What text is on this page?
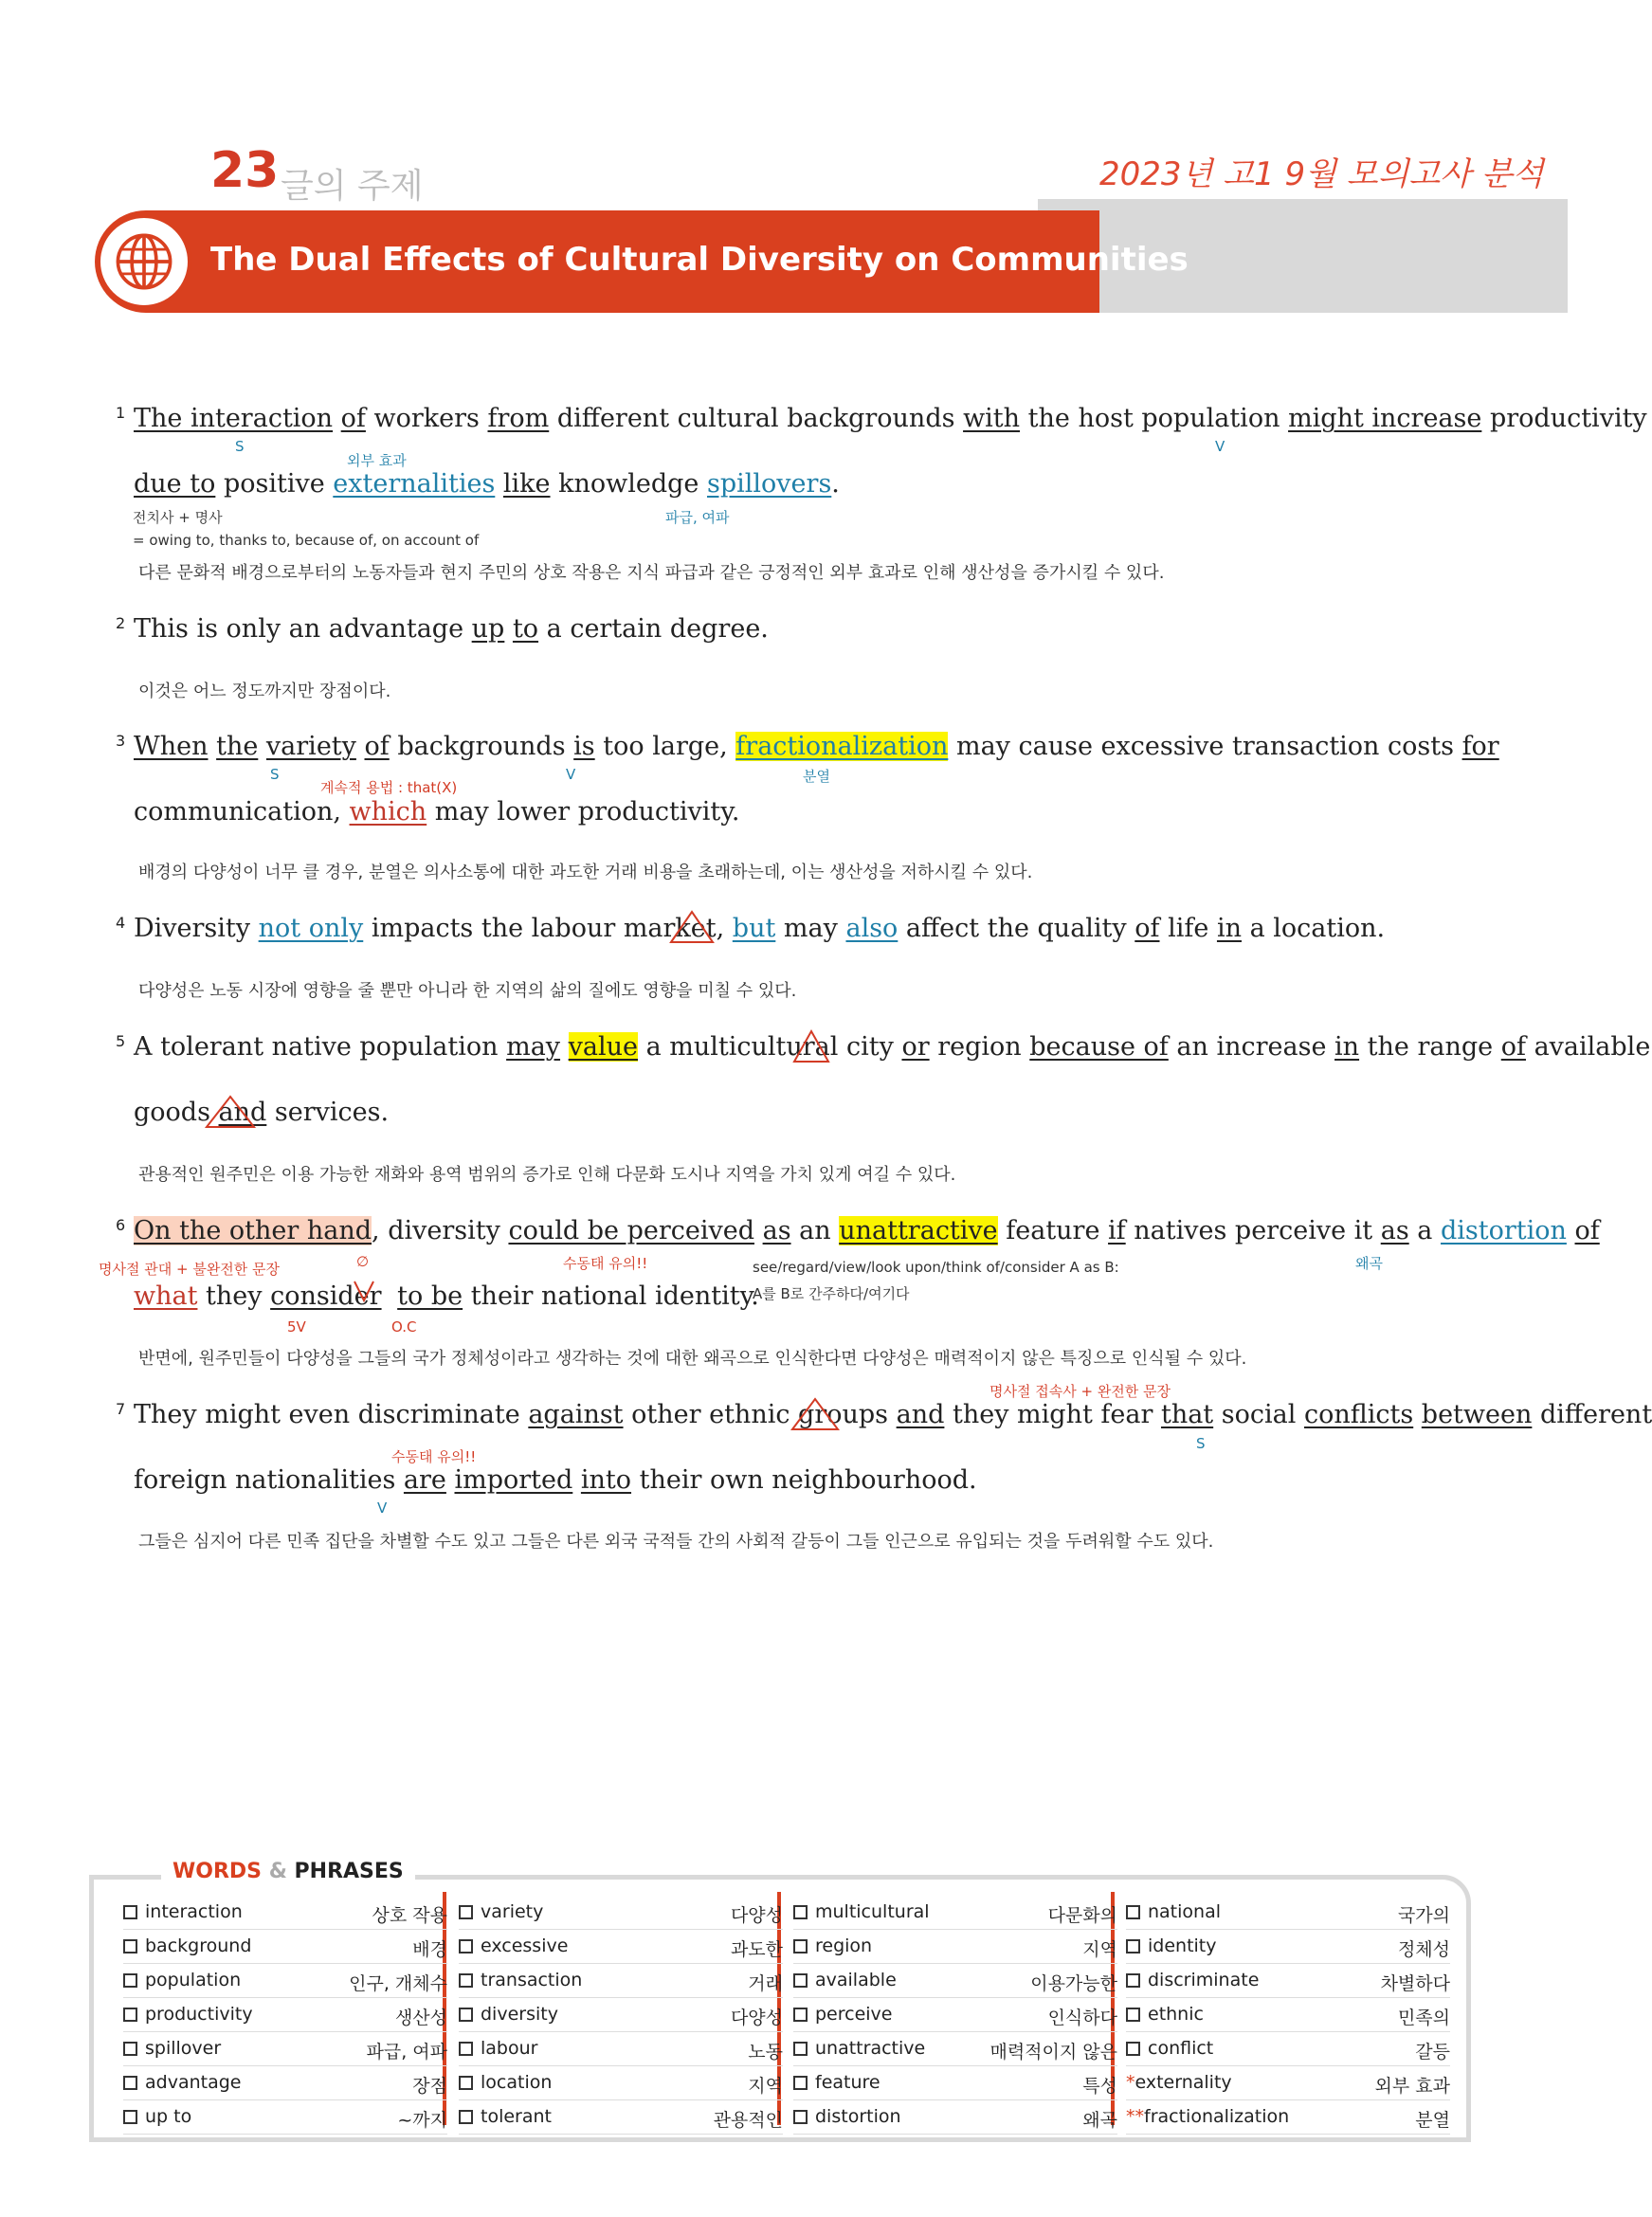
23 글의 주제	2023년 고1 9월 모의고사 분석
The Dual Effects of Cultural Diversity on Communities
1 The interaction of workers from different cultural backgrounds with the host population might increase productivity
S	V
외부 효과
due to positive externalities like knowledge spillovers.
전치사 + 명사	파급, 여파
= owing to, thanks to, because of, on account of
다른 문화적 배경으로부터의 노동자들과 현지 주민의 상호 작용은 지식 파급과 같은 긍정적인 외부 효과로 인해 생산성을 증가시킬 수 있다.
2 This is only an advantage up to a certain degree.
이것은 어느 정도까지만 장점이다.
3 When the variety of backgrounds is too large, fractionalization may cause excessive transaction costs for
S	V	분열
계속적 용법 : that(X)
communication, which may lower productivity.
배경의 다양성이 너무 클 경우, 분열은 의사소통에 대한 과도한 거래 비용을 초래하는데, 이는 생산성을 저하시킬 수 있다.
4 Diversity not only impacts the labour market, but may also affect the quality of life in a location.
다양성은 노동 시장에 영향을 줄 뿐만 아니라 한 지역의 삶의 질에도 영향을 미칠 수 있다.
5 A tolerant native population may value a multicultural city or region because of an increase in the range of available
goods and services.
관용적인 원주민은 이용 가능한 재화와 용역 범위의 증가로 인해 다문화 도시나 지역을 가치 있게 여길 수 있다.
6 On the other hand, diversity could be perceived as an unattractive feature if natives perceive it as a distortion of
명사절 관대 + 불완전한 문장	수동태 유의!!
∅	see/regard/view/look upon/think of/consider A as B:
A를 B로 간주하다/여기다
왜곡
what they consider to be their national identity.
5V	O.C
반면에, 원주민들이 다양성을 그들의 국가 정체성이라고 생각하는 것에 대한 왜곡으로 인식한다면 다양성은 매력적이지 않은 특징으로 인식될 수 있다.
명사절 접속사 + 완전한 문장
7 They might even discriminate against other ethnic groups and they might fear that social conflicts between different
S
수동태 유의!!
foreign nationalities are imported into their own neighbourhood.
V
그들은 심지어 다른 민족 집단을 차별할 수도 있고 그들은 다른 외국 국적들 간의 사회적 갈등이 그들 인근으로 유입되는 것을 두려워할 수도 있다.
WORDS & PHRASES
interaction	상호 작용
background	배경
population	인구, 개체수
productivity	생산성
spillover	파급, 여파
advantage	장점
up to	~까지
variety	다양성
excessive	과도한
transaction	거래
diversity	다양성
labour	노동
location	지역
tolerant	관용적인
multicultural	다문화의
region	지역
available	이용가능한
perceive	인식하다
unattractive	매력적이지 않은
feature	특성
distortion	왜곡
national	국가의
identity	정체성
discriminate	차별하다
ethnic	민족의
conflict	갈등
*externality	외부 효과
**fractionalization	분열
